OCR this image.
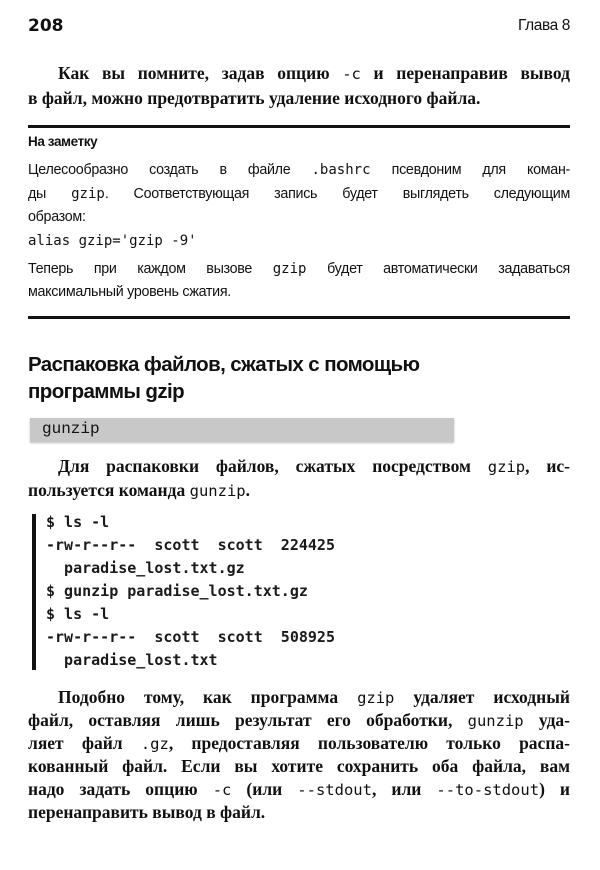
208	Глава 8
Как вы помните, задав опцию -c и перенаправив вывод
в файл, можно предотвратить удаление исходного файла.
На заметку
Целесообразно создать в файле .bashrc псевдоним для коман-
ды gzip. Соответствующая запись будет выглядеть следующим
образом:
alias gzip='gzip -9'
Теперь при каждом вызове gzip будет автоматически задаваться
максимальный уровень сжатия.
Распаковка файлов, сжатых с помощью
программы gzip
gunzip
Для распаковки файлов, сжатых посредством gzip, ис-
пользуется команда gunzip.
$ ls -l
-rw-r--r--  scott  scott  224425
paradise_lost.txt.gz
$ gunzip paradise_lost.txt.gz
$ ls -l
-rw-r--r--  scott  scott  508925
paradise_lost.txt
Подобно тому, как программа gzip удаляет исходный
файл, оставляя лишь результат его обработки, gunzip уда-
ляет файл .gz, предоставляя пользователю только распа-
кованный файл. Если вы хотите сохранить оба файла, вам
надо задать опцию -c (или --stdout, или --to-stdout) и
перенаправить вывод в файл.
